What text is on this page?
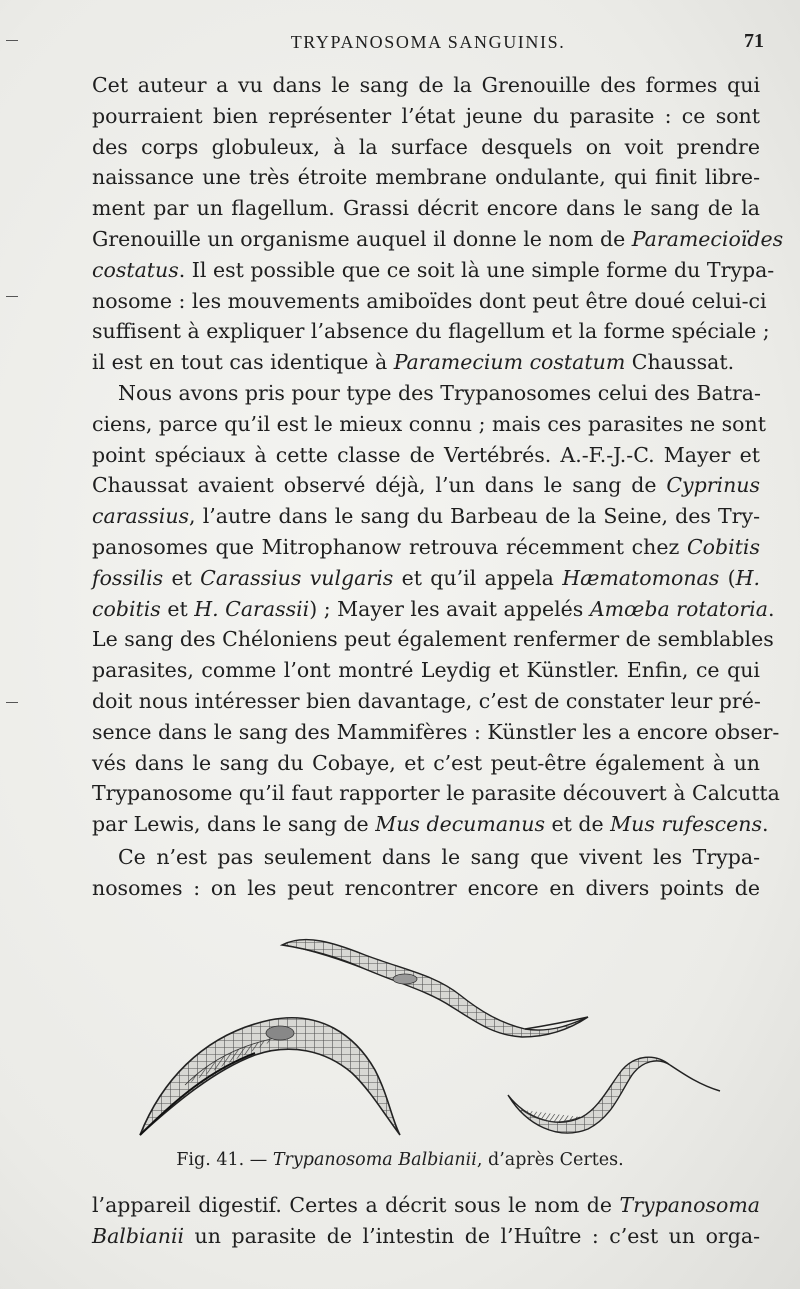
TRYPANOSOMA SANGUINIS.	71
Cet auteur a vu dans le sang de la Grenouille des formes qui
pourraient bien représenter l’état jeune du parasite : ce sont
des corps globuleux, à la surface desquels on voit prendre
naissance une très étroite membrane ondulante, qui finit libre-
ment par un flagellum. Grassi décrit encore dans le sang de la
Grenouille un organisme auquel il donne le nom de Paramecioïdes
costatus. Il est possible que ce soit là une simple forme du Trypa-
nosome : les mouvements amiboïdes dont peut être doué celui-ci
suffisent à expliquer l’absence du flagellum et la forme spéciale ;
il est en tout cas identique à Paramecium costatum Chaussat.
Nous avons pris pour type des Trypanosomes celui des Batra-
ciens, parce qu’il est le mieux connu ; mais ces parasites ne sont
point spéciaux à cette classe de Vertébrés. A.-F.-J.-C. Mayer et
Chaussat avaient observé déjà, l’un dans le sang de Cyprinus
carassius, l’autre dans le sang du Barbeau de la Seine, des Try-
panosomes que Mitrophanow retrouva récemment chez Cobitis
fossilis et Carassius vulgaris et qu’il appela Hæmatomonas (H.
cobitis et H. Carassii) ; Mayer les avait appelés Amœba rotatoria.
Le sang des Chéloniens peut également renfermer de semblables
parasites, comme l’ont montré Leydig et Künstler. Enfin, ce qui
doit nous intéresser bien davantage, c’est de constater leur pré-
sence dans le sang des Mammifères : Künstler les a encore obser-
vés dans le sang du Cobaye, et c’est peut-être également à un
Trypanosome qu’il faut rapporter le parasite découvert à Calcutta
par Lewis, dans le sang de Mus decumanus et de Mus rufescens.
Ce n’est pas seulement dans le sang que vivent les Trypa-
nosomes : on les peut rencontrer encore en divers points de
Fig. 41. — Trypanosoma Balbianii, d’après Certes.
l’appareil digestif. Certes a décrit sous le nom de Trypanosoma
Balbianii un parasite de l’intestin de l’Huître : c’est un orga-
